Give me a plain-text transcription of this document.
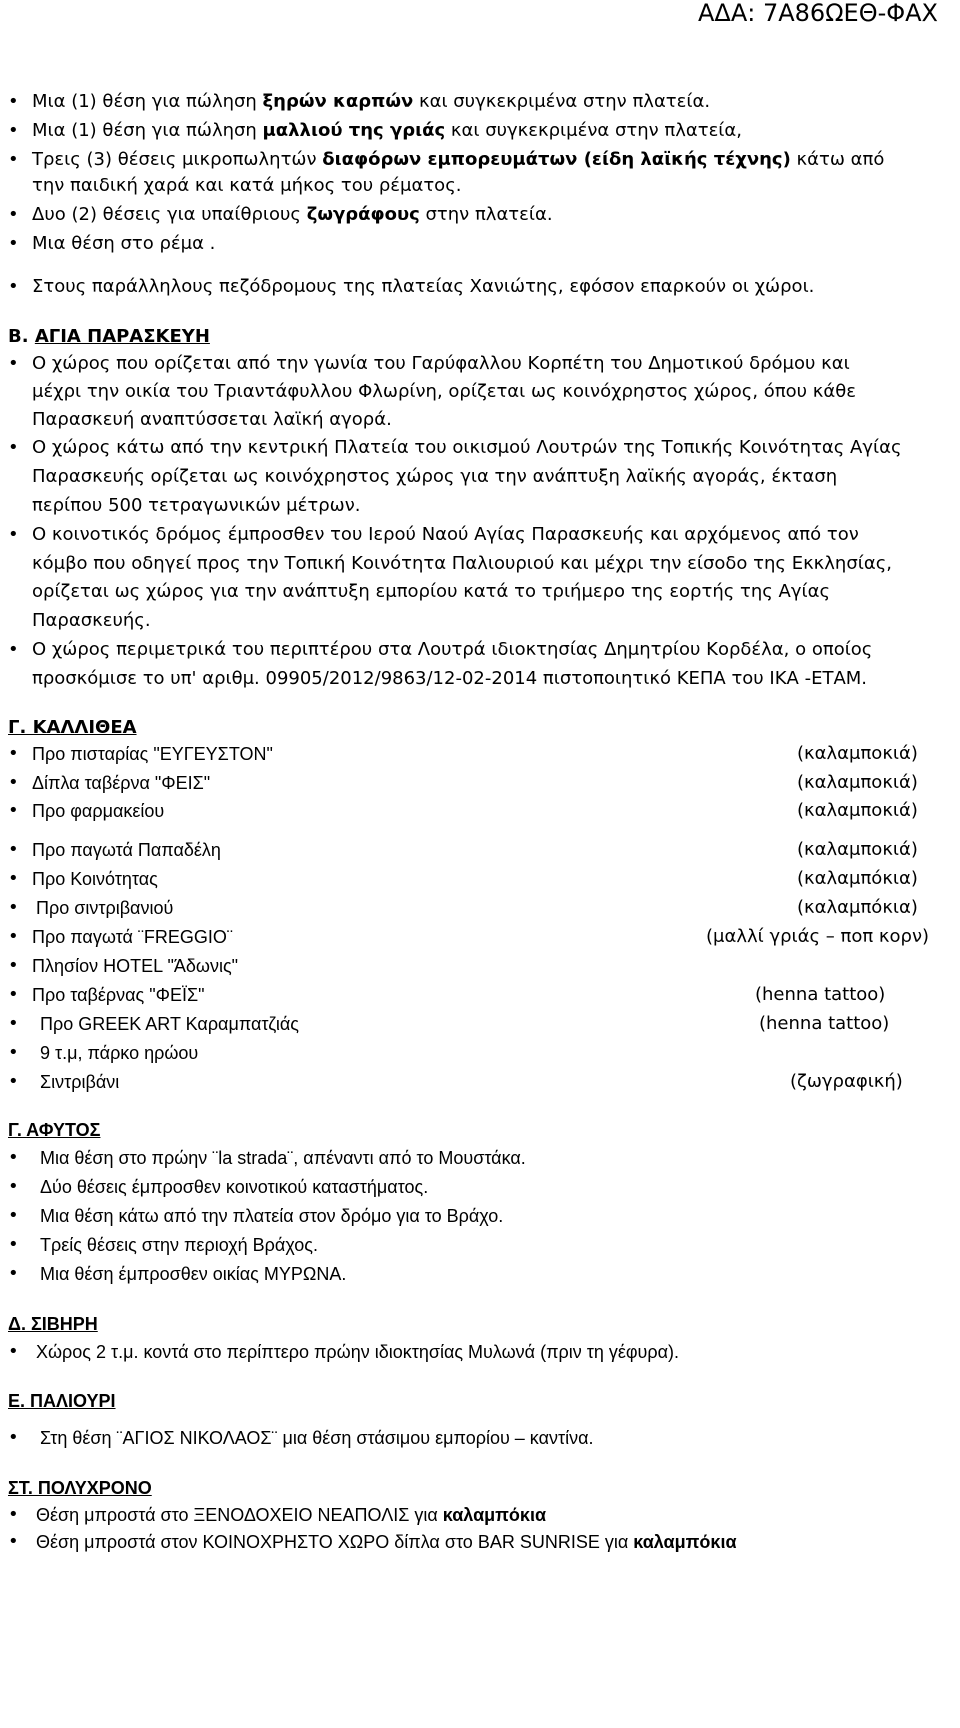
ΑΔΑ: 7Α86ΩΕΘ-ΦΑΧ
• Μια (1) θέση για πώληση ξηρών καρπών και συγκεκριμένα στην πλατεία.
• Μια (1) θέση για πώληση μαλλιού της γριάς και συγκεκριμένα στην πλατεία,
• Τρεις (3) θέσεις μικροπωλητών διαφόρων εμπορευμάτων (είδη λαϊκής τέχνης) κάτω από
την παιδική χαρά και κατά μήκος του ρέματος.
• Δυο (2) θέσεις για υπαίθριους ζωγράφους στην πλατεία.
• Μια θέση στο ρέμα .
• Στους παράλληλους πεζόδρομους της πλατείας Χανιώτης, εφόσον επαρκούν οι χώροι.
Β. ΑΓΙΑ ΠΑΡΑΣΚΕΥΗ
• Ο χώρος που ορίζεται από την γωνία του Γαρύφαλλου Κορπέτη του Δημοτικού δρόμου και
μέχρι την οικία του Τριαντάφυλλου Φλωρίνη, ορίζεται ως κοινόχρηστος χώρος, όπου κάθε
Παρασκευή αναπτύσσεται λαϊκή αγορά.
• Ο χώρος κάτω από την κεντρική Πλατεία του οικισμού Λουτρών της Τοπικής Κοινότητας Αγίας
Παρασκευής ορίζεται ως κοινόχρηστος χώρος για την ανάπτυξη λαϊκής αγοράς, έκταση
περίπου 500 τετραγωνικών μέτρων.
• Ο κοινοτικός δρόμος έμπροσθεν του Ιερού Ναού Αγίας Παρασκευής και αρχόμενος από τον
κόμβο που οδηγεί προς την Τοπική Κοινότητα Παλιουριού και μέχρι την είσοδο της Εκκλησίας,
ορίζεται ως χώρος για την ανάπτυξη εμπορίου κατά το τριήμερο της εορτής της Αγίας
Παρασκευής.
• Ο χώρος περιμετρικά του περιπτέρου στα Λουτρά ιδιοκτησίας Δημητρίου Κορδέλα, ο οποίος
προσκόμισε το υπ' αριθμ. 09905/2012/9863/12-02-2014 πιστοποιητικό ΚΕΠΑ του ΙΚΑ -ΕΤΑΜ.
Γ. ΚΑΛΛΙΘΕΑ
• Προ πισταρίας "ΕΥΓΕΥΣΤΟΝ"	(καλαμποκιά)
• Δίπλα ταβέρνα "ΦΕΙΣ"	(καλαμποκιά)
• Προ φαρμακείου	(καλαμποκιά)
• Προ παγωτά Παπαδέλη	(καλαμποκιά)
• Προ Κοινότητας	(καλαμπόκια)
• Προ σιντριβανιού	(καλαμπόκια)
• Προ παγωτά ¨FREGGIO¨	(μαλλί γριάς – ποπ κορν)
• Πλησίον HOTEL "Άδωνις"
• Προ ταβέρνας "ΦΕΪΣ"	(henna tattoo)
• Προ GREEK ART Καραμπατζιάς	(henna tattoo)
• 9 τ.μ, πάρκο ηρώου
• Σιντριβάνι	(ζωγραφική)
Γ. ΑΦΥΤΟΣ
• Μια θέση στο πρώην ¨la strada¨, απέναντι από το Μουστάκα.
• Δύο θέσεις έμπροσθεν κοινοτικού καταστήματος.
• Μια θέση κάτω από την πλατεία στον δρόμο για το Βράχο.
• Τρείς θέσεις στην περιοχή Βράχος.
• Μια θέση έμπροσθεν οικίας ΜΥΡΩΝΑ.
Δ. ΣΙΒΗΡΗ
• Χώρος 2 τ.μ. κοντά στο περίπτερο πρώην ιδιοκτησίας Μυλωνά (πριν τη γέφυρα).
Ε. ΠΑΛΙΟΥΡΙ
• Στη θέση ¨ΑΓΙΟΣ ΝΙΚΟΛΑΟΣ¨ μια θέση στάσιμου εμπορίου – καντίνα.
ΣΤ. ΠΟΛΥΧΡΟΝΟ
• Θέση μπροστά στο ΞΕΝΟΔΟΧΕΙΟ ΝΕΑΠΟΛΙΣ για καλαμπόκια
• Θέση μπροστά στον ΚΟΙΝΟΧΡΗΣΤΟ ΧΩΡΟ δίπλα στο BAR SUNRISE για καλαμπόκια
